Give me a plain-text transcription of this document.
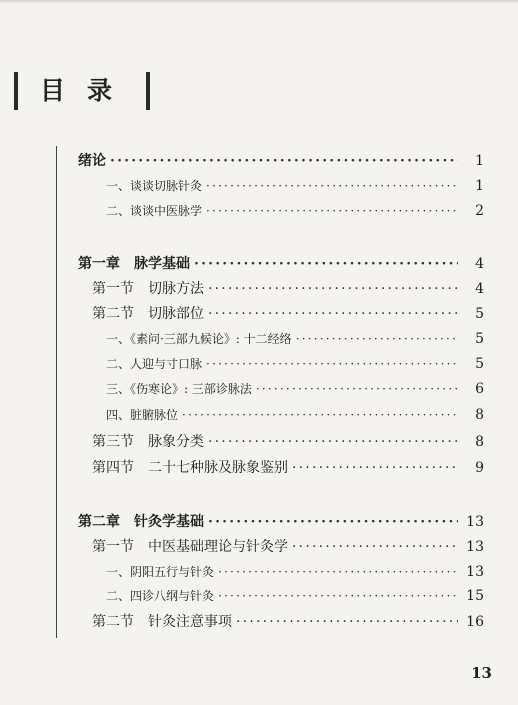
目录
绪论 ·····	1
一、谈谈切脉针灸 ·····	1
二、谈谈中医脉学 ·····	2
第一章　脉学基础 ·····	4
第一节　切脉方法 ·····	4
第二节　切脉部位 ·····	5
一、《素问·三部九候论》: 十二经络 ·····	5
二、人迎与寸口脉 ·····	5
三、《伤寒论》: 三部诊脉法 ·····	6
四、脏腑脉位 ·····	8
第三节　脉象分类 ·····	8
第四节　二十七种脉及脉象鉴别 ·····	9
第二章　针灸学基础 ·····	13
第一节　中医基础理论与针灸学 ·····	13
一、阴阳五行与针灸 ·····	13
二、四诊八纲与针灸 ·····	15
第二节　针灸注意事项 ·····	16
13
